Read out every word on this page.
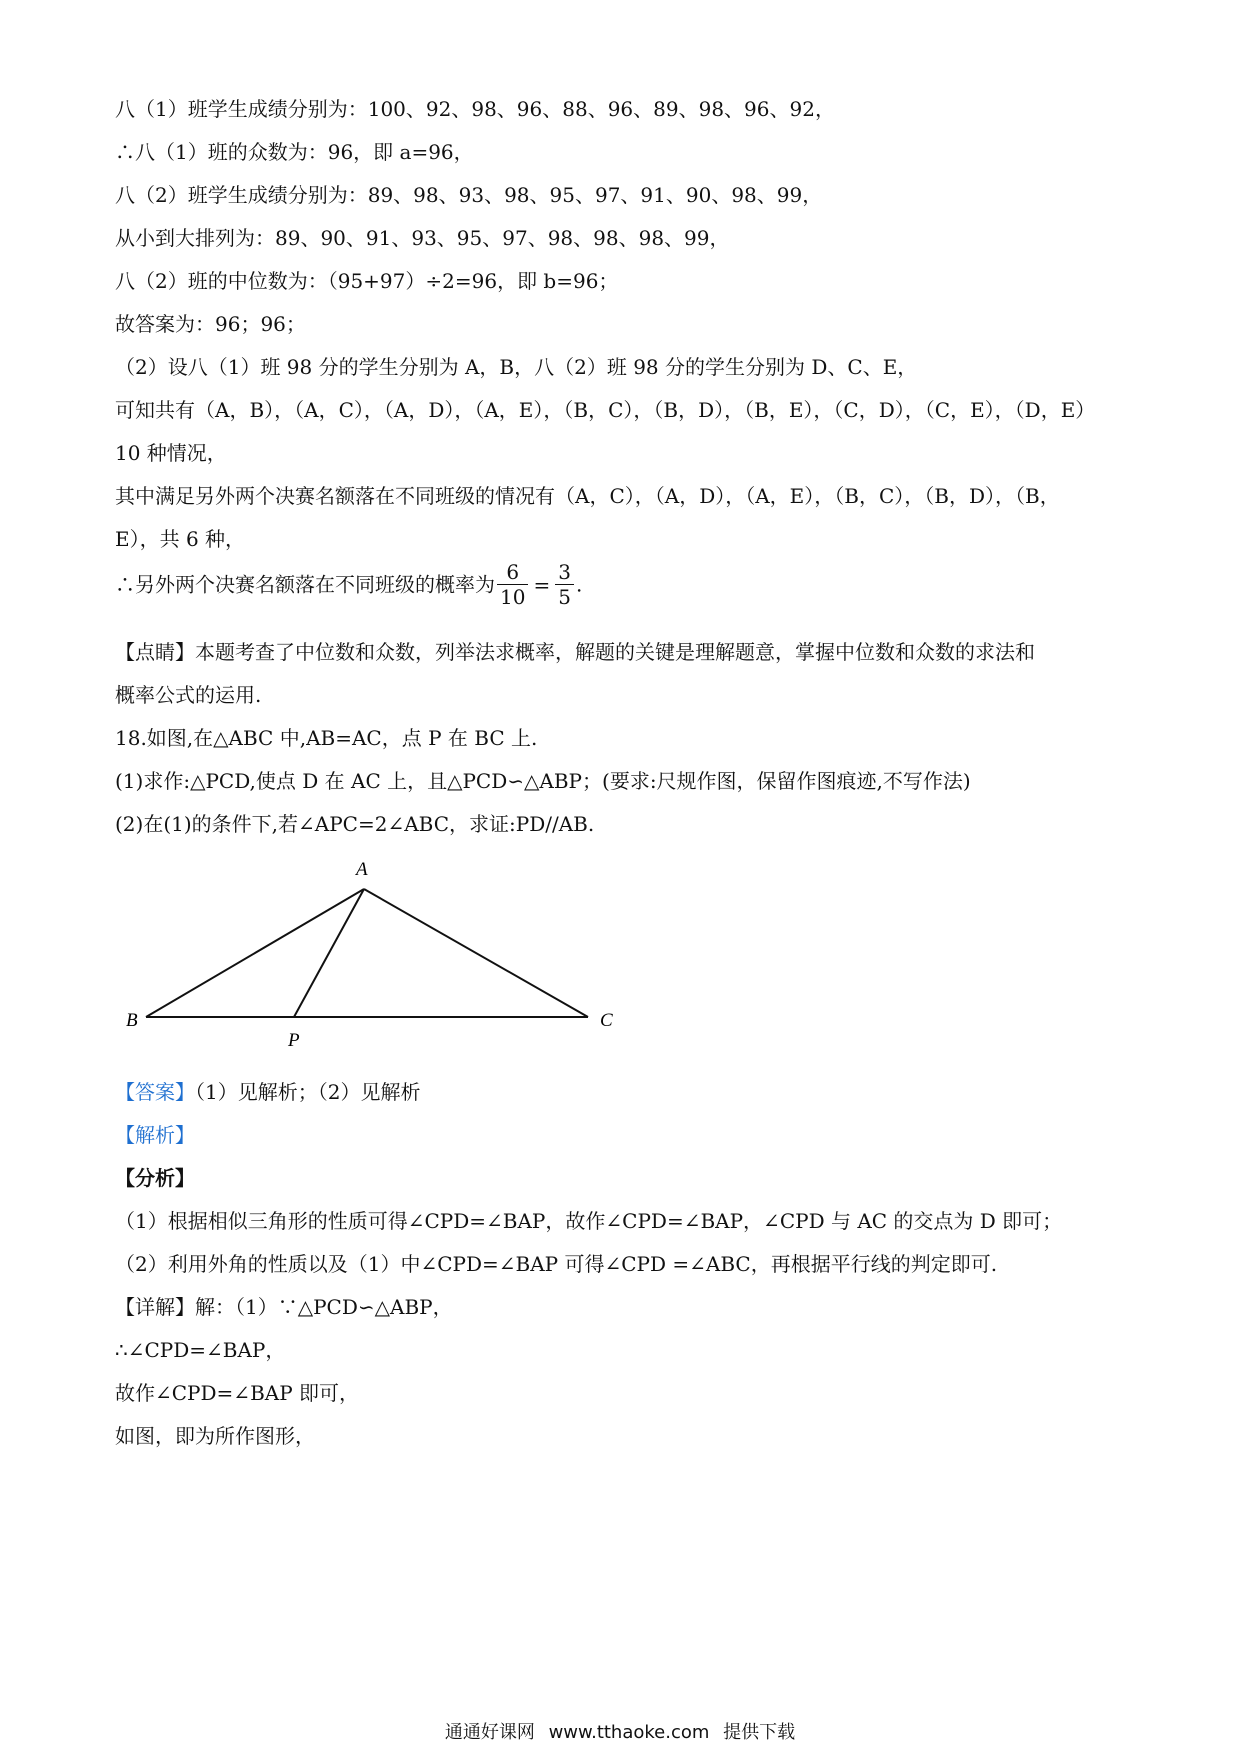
八（1）班学生成绩分别为：100、92、98、96、88、96、89、98、96、92，
∴八（1）班的众数为：96，即 a=96，
八（2）班学生成绩分别为：89、98、93、98、95、97、91、90、98、99，
从小到大排列为：89、90、91、93、95、97、98、98、98、99，
八（2）班的中位数为：（95+97）÷2=96，即 b=96；
故答案为：96；96；
（2）设八（1）班 98 分的学生分别为 A，B，八（2）班 98 分的学生分别为 D、C、E，
可知共有（A，B），（A，C），（A，D），（A，E），（B，C），（B，D），（B，E），（C，D），（C，E），（D，E）
10 种情况，
其中满足另外两个决赛名额落在不同班级的情况有（A，C），（A，D），（A，E），（B，C），（B，D），（B，
E），共 6 种，
∴另外两个决赛名额落在不同班级的概率为 $\frac{6}{10} = \frac{3}{5}$ .
【点睛】本题考查了中位数和众数，列举法求概率，解题的关键是理解题意，掌握中位数和众数的求法和
概率公式的运用.
18.如图,在△ABC 中,AB=AC，点 P 在 BC 上.
(1)求作:△PCD,使点 D 在 AC 上，且△PCD∽△ABP；(要求:尺规作图，保留作图痕迹,不写作法)
(2)在(1)的条件下,若∠APC=2∠ABC，求证:PD//AB.
A
B	C
P
【答案】（1）见解析；（2）见解析
【解析】
【分析】
（1）根据相似三角形的性质可得∠CPD=∠BAP，故作∠CPD=∠BAP，∠CPD 与 AC 的交点为 D 即可；
（2）利用外角的性质以及（1）中∠CPD=∠BAP 可得∠CPD =∠ABC，再根据平行线的判定即可.
【详解】解：（1）∵△PCD∽△ABP，
∴∠CPD=∠BAP，
故作∠CPD=∠BAP 即可，
如图，即为所作图形，
通通好课网 www.tthaoke.com 提供下载
